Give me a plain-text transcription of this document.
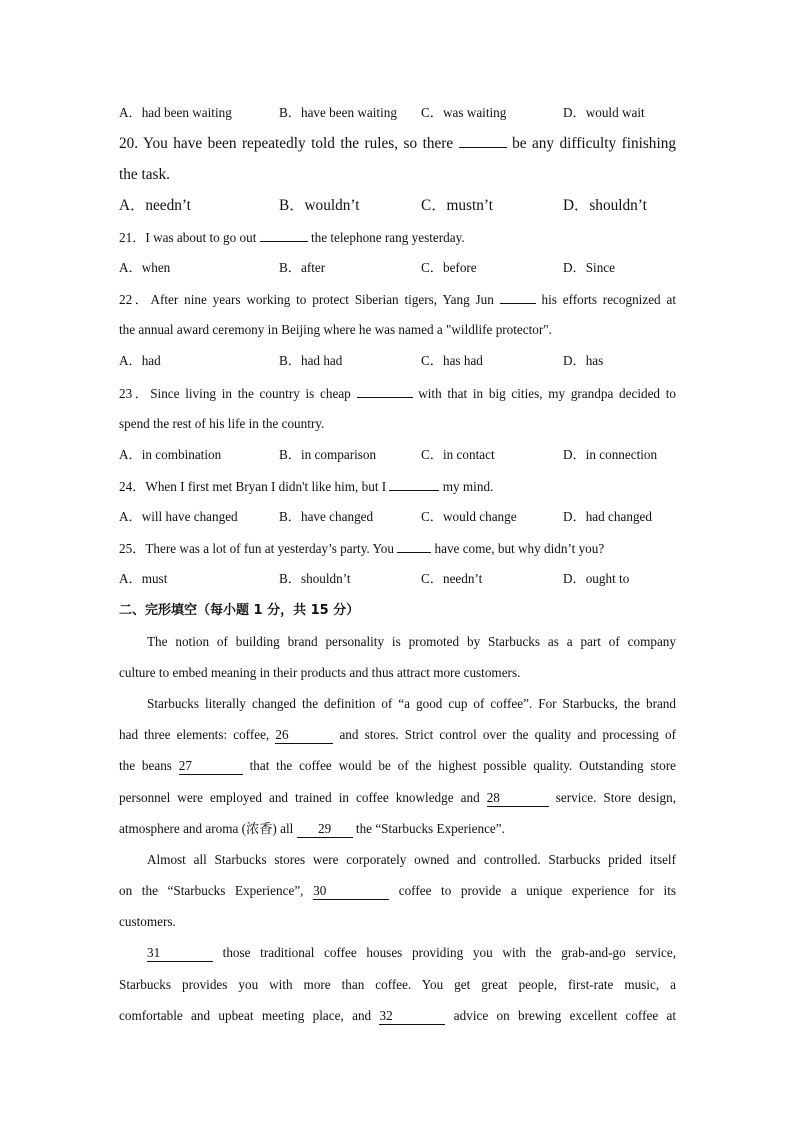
A．had been waiting	B．have been waiting C．was waiting	D．would wait
20. You have been repeatedly told the rules, so there	be any difficulty finishing
the task.
A．needn’t	B．wouldn’t	C．mustn’t	D．shouldn’t
21．I was about to go out	the telephone rang yesterday.
A．when	B．after	C．before	D．Since
22．After nine years working to protect Siberian tigers, Yang Jun	his efforts recognized at
the annual award ceremony in Beijing where he was named a "wildlife protector".
A．had	B．had had	C．has had	D．has
23．Since living in the country is cheap	with that in big cities, my grandpa decided to
spend the rest of his life in the country.
A．in combination	B．in comparison	C．in contact	D．in connection
24．When I first met Bryan I didn't like him, but I	my mind.
A．will have changed	B．have changed	C．would change	D．had changed
25．There was a lot of fun at yesterday’s party. You	have come, but why didn’t you?
A．must	B．shouldn’t	C．needn’t	D．ought to
二、完形填空（每小题 1 分，共 15 分）
The notion of building brand personality is promoted by Starbucks as a part of company
culture to embed meaning in their products and thus attract more customers.
Starbucks literally changed the definition of “a good cup of coffee”. For Starbucks, the brand
had three elements: coffee, 26	and stores. Strict control over the quality and processing of
the beans 27	that the coffee would be of the highest possible quality. Outstanding store
personnel were employed and trained in coffee knowledge and 28	service. Store design,
atmosphere and aroma (浓香) all 29 the “Starbucks Experience”.
Almost all Starbucks stores were corporately owned and controlled. Starbucks prided itself
on the “Starbucks Experience”, 30	coffee to provide a unique experience for its
customers.
31	those traditional coffee houses providing you with the grab-and-go service,
Starbucks provides you with more than coffee. You get great people, first-rate music, a
comfortable and upbeat meeting place, and 32	advice on brewing excellent coffee at
